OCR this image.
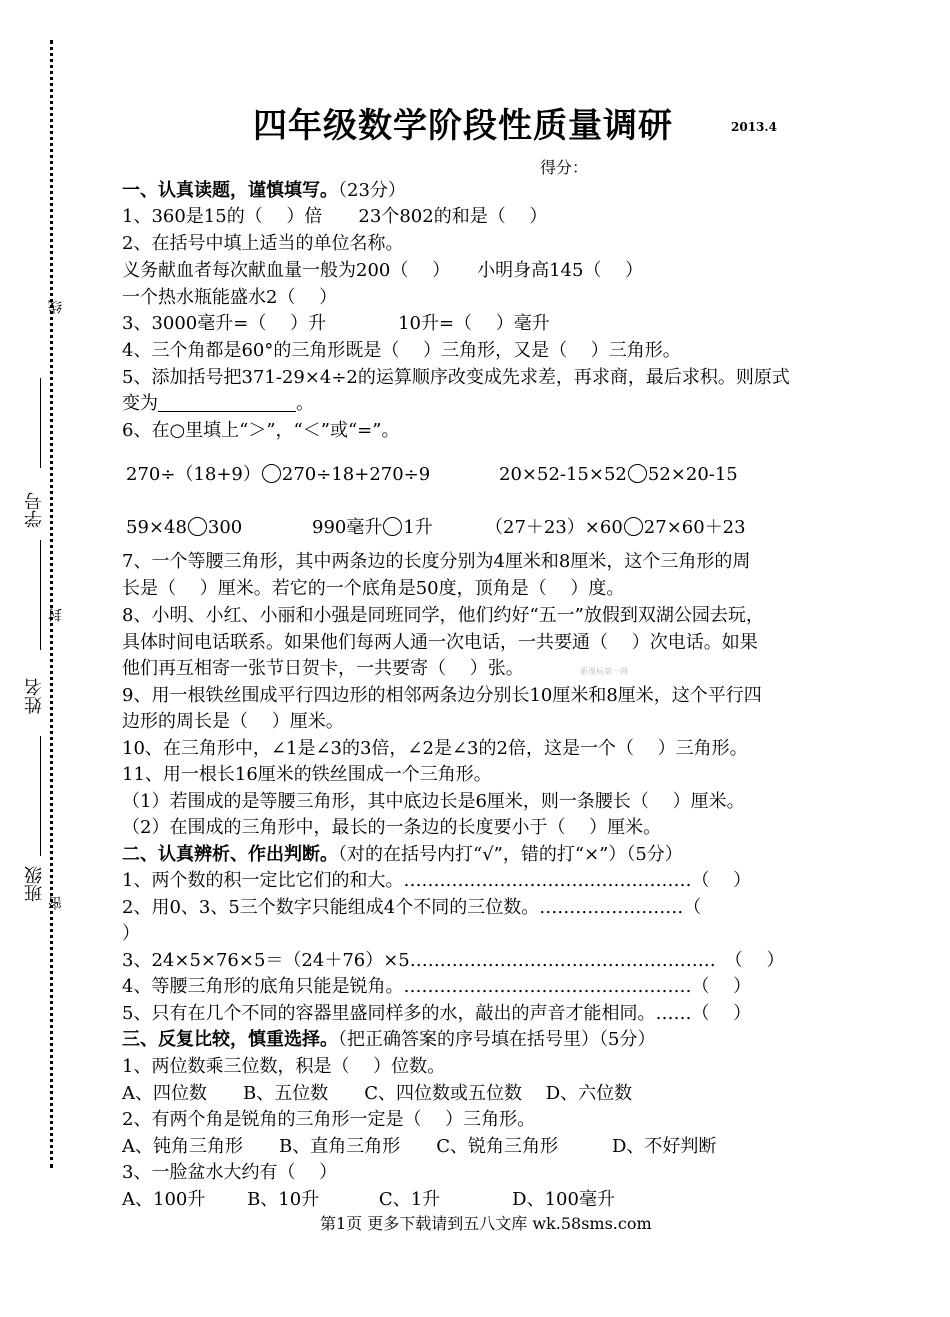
线
学号
封
姓名
班级
密
四年级数学阶段性质量调研	2013.4
得分：
一、认真读题，谨慎填写。（23分）
1、360是15的（　 ）倍　　23个802的和是（　 ）
2、在括号中填上适当的单位名称。
义务献血者每次献血量一般为200（　 ）　　小明身高145（　 ）
一个热水瓶能盛水2（　 ）
3、3000毫升=（　 ）升　　　　10升=（　 ）毫升
4、三个角都是60°的三角形既是（　 ）三角形，又是（　 ）三角形。
5、添加括号把371-29×4÷2的运算顺序改变成先求差，再求商，最后求积。则原式
变为	。
6、在○里填上“＞”，“＜”或“=”。
270÷（18+9） 270÷18+270÷9	20×52-15×52 52×20-15
59×48 300	990毫升 1升	（27＋23）×60 27×60＋23
7、一个等腰三角形，其中两条边的长度分别为4厘米和8厘米，这个三角形的周
长是（　 ）厘米。若它的一个底角是50度，顶角是（　 ）度。
8、小明、小红、小丽和小强是同班同学，他们约好“五一”放假到双湖公园去玩，
具体时间电话联系。如果他们每两人通一次电话，一共要通（　 ）次电话。如果
他们再互相寄一张节日贺卡，一共要寄（　 ）张。	新课标第一网
9、用一根铁丝围成平行四边形的相邻两条边分别长10厘米和8厘米，这个平行四
边形的周长是（　 ）厘米。
10、在三角形中，∠1是∠3的3倍，∠2是∠3的2倍，这是一个（　 ）三角形。
11、用一根长16厘米的铁丝围成一个三角形。
（1）若围成的是等腰三角形，其中底边长是6厘米，则一条腰长（　 ）厘米。
（2）在围成的三角形中，最长的一条边的长度要小于（　 ）厘米。
二、认真辨析、作出判断。（对的在括号内打“√”，错的打“×”）（5分）
1、两个数的积一定比它们的和大。…………………………………………（　 ）
2、用0、3、5三个数字只能组成4个不同的三位数。……………………（
）
3、24×5×76×5＝（24＋76）×5……………………………………………　（　 ）
4、等腰三角形的底角只能是锐角。…………………………………………（　 ）
5、只有在几个不同的容器里盛同样多的水，敲出的声音才能相同。……（　 ）
三、反复比较，慎重选择。（把正确答案的序号填在括号里）（5分）
1、两位数乘三位数，积是（　 ）位数。
A、四位数　　B、五位数　　C、四位数或五位数　 D、六位数
2、有两个角是锐角的三角形一定是（　 ）三角形。
A、钝角三角形　　B、直角三角形　　C、锐角三角形　　　D、不好判断
3、一脸盆水大约有（　 ）
A、100升　　 B、10升　　　 C、1升　　　　D、100毫升
第1页 更多下载请到五八文库 wk.58sms.com
